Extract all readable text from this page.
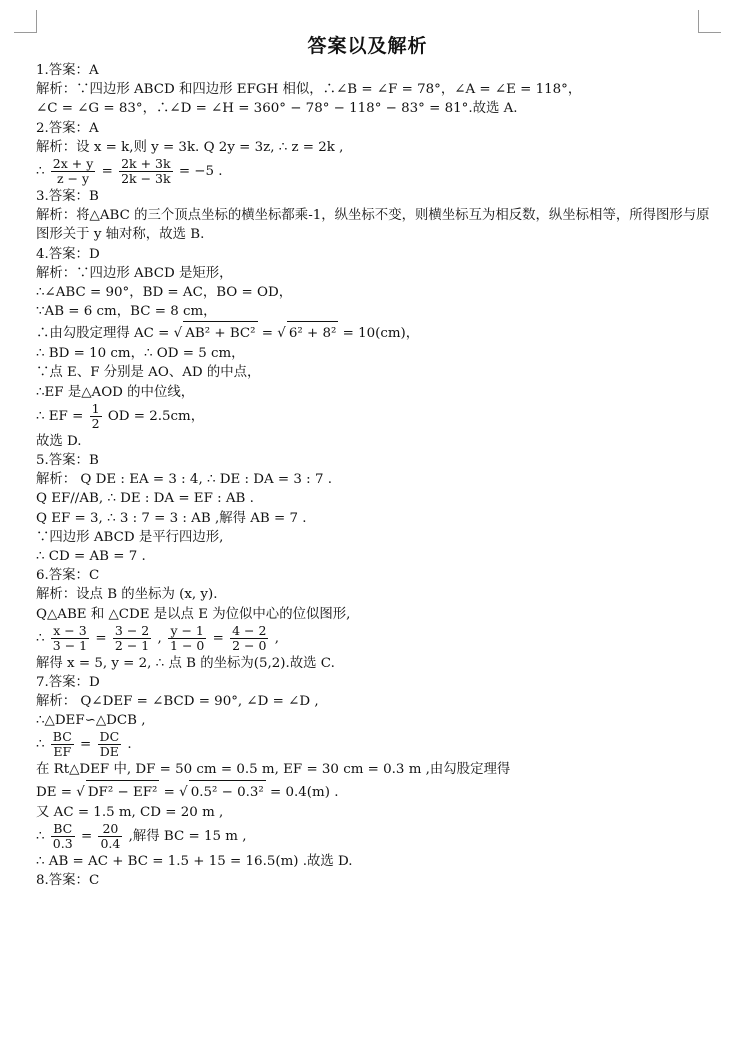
答案以及解析
1.答案：A
解析：∵四边形 ABCD 和四边形 EFGH 相似，∴∠B = ∠F = 78°，∠A = ∠E = 118°，
∠C = ∠G = 83°，∴∠D = ∠H = 360° − 78° − 118° − 83° = 81°.故选 A.
2.答案：A
解析：设 x = k,则 y = 3k. Q 2y = 3z, ∴ z = 2k ,
∴ $\frac{2x + y}{z - y} = \frac{2k + 3k}{2k - 3k} = -5$ .
3.答案：B
解析：将△ABC 的三个顶点坐标的横坐标都乘-1，纵坐标不变，则横坐标互为相反数，纵坐标相等，所得图形与原图形关于 y 轴对称，故选 B.
4.答案：D
解析：∵四边形 ABCD 是矩形，
∴∠ABC = 90°，BD = AC，BO = OD，
∵AB = 6 cm，BC = 8 cm，
∴由勾股定理得 AC = √ AB² + BC² = √ 6² + 8² = 10(cm)，
∴ BD = 10 cm，∴ OD = 5 cm，
∵点 E、F 分别是 AO、AD 的中点，
∴EF 是△AOD 的中位线，
∴ EF = $\frac{1}{2}$ OD = 2.5cm，
故选 D.
5.答案：B
解析： Q DE : EA = 3 : 4, ∴ DE : DA = 3 : 7 .
Q EF//AB, ∴ DE : DA = EF : AB .
Q EF = 3, ∴ 3 : 7 = 3 : AB ,解得 AB = 7 .
∵四边形 ABCD 是平行四边形,
∴ CD = AB = 7 .
6.答案：C
解析：设点 B 的坐标为 (x, y).
Q△ABE 和 △CDE 是以点 E 为位似中心的位似图形,
∴ $\frac{x - 3}{3 - 1} = \frac{3 - 2}{2 - 1}$ , $\frac{y - 1}{1 - 0} = \frac{4 - 2}{2 - 0}$ ,
解得 x = 5, y = 2, ∴ 点 B 的坐标为(5,2).故选 C.
7.答案：D
解析： Q∠DEF = ∠BCD = 90°, ∠D = ∠D ,
∴△DEF∽△DCB ,
∴ $\frac{BC}{EF} = \frac{DC}{DE}$ .
在 Rt△DEF 中, DF = 50 cm = 0.5 m, EF = 30 cm = 0.3 m ,由勾股定理得
DE = √ DF² − EF² = √ 0.5² − 0.3² = 0.4(m) .
又 AC = 1.5 m, CD = 20 m ,
∴ $\frac{BC}{0.3} = \frac{20}{0.4}$ ,解得 BC = 15 m ,
∴ AB = AC + BC = 1.5 + 15 = 16.5(m) .故选 D.
8.答案：C
